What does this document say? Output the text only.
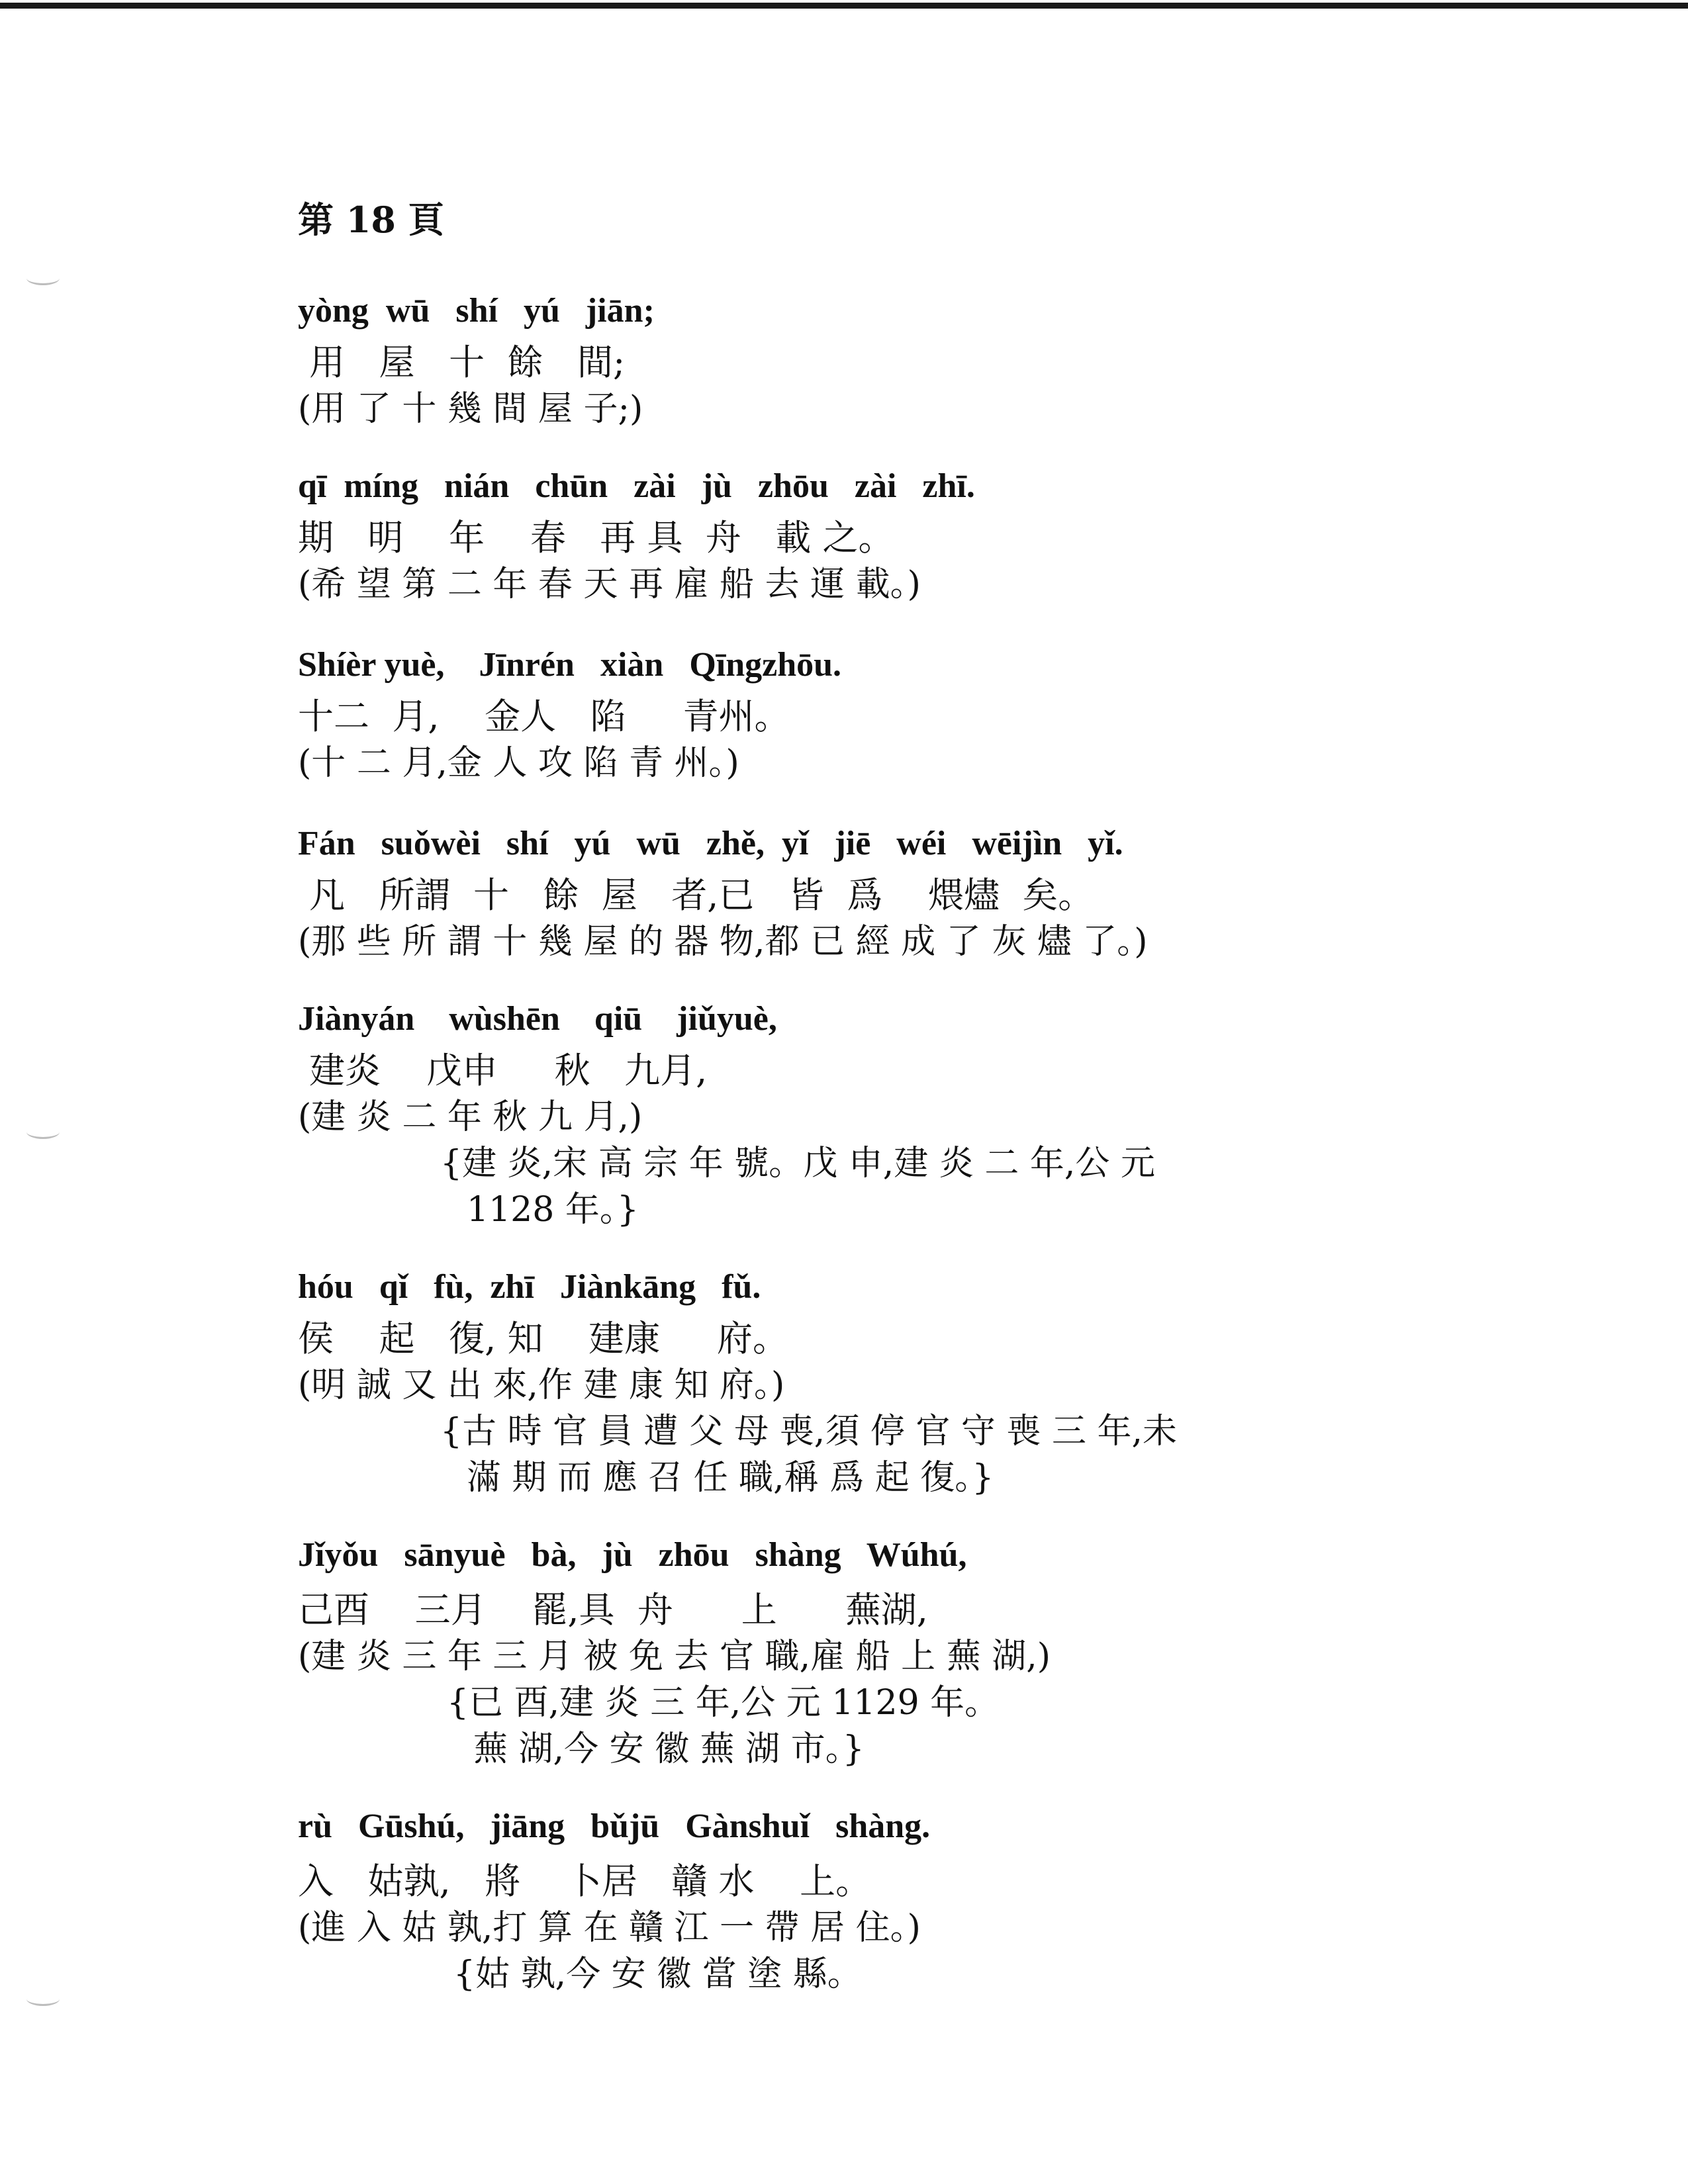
第 18 頁
yòng  wū   shí   yú   jiān;
用   屋   十  餘   間;
(用 了 十 幾 間 屋 子;)
qī  míng   nián   chūn   zài   jù   zhōu   zài   zhī.
期   明    年    春   再 具  舟   載 之。
(希 望 第 二 年 春 天 再 雇 船 去 運 載。)
Shíèr yuè,    Jīnrén   xiàn   Qīngzhōu.
十二  月,    金人   陷     青州。
(十 二 月,金 人 攻 陷 青 州。)
Fán   suǒwèi   shí   yú   wū   zhě,  yǐ   jiē   wéi   wēijìn   yǐ.
凡   所謂  十   餘  屋   者,已   皆  爲    煨燼  矣。
(那 些 所 謂 十 幾 屋 的 器 物,都 已 經 成 了 灰 燼 了。)
Jiànyán    wùshēn    qiū    jiǔyuè,
建炎    戊申     秋   九月,
(建 炎 二 年 秋 九 月,)
{建 炎,宋 高 宗 年 號。戊 申,建 炎 二 年,公 元
1128 年。}
hóu   qǐ   fù,  zhī   Jiànkāng   fǔ.
侯    起   復, 知    建康     府。
(明 誠 又 出 來,作 建 康 知 府。)
{古 時 官 員 遭 父 母 喪,須 停 官 守 喪 三 年,未
滿 期 而 應 召 任 職,稱 爲 起 復。}
Jǐyǒu   sānyuè   bà,   jù   zhōu   shàng   Wúhú,
己酉    三月    罷,具  舟      上      蕪湖,
(建 炎 三 年 三 月 被 免 去 官 職,雇 船 上 蕪 湖,)
{已 酉,建 炎 三 年,公 元 1129 年。
蕪 湖,今 安 徽 蕪 湖 市。}
rù   Gūshú,   jiāng   bǔjū   Gànshuǐ   shàng.
入   姑孰,   將    卜居   贛 水    上。
(進 入 姑 孰,打 算 在 贛 江 一 帶 居 住。)
{姑 孰,今 安 徽 當 塗 縣。
